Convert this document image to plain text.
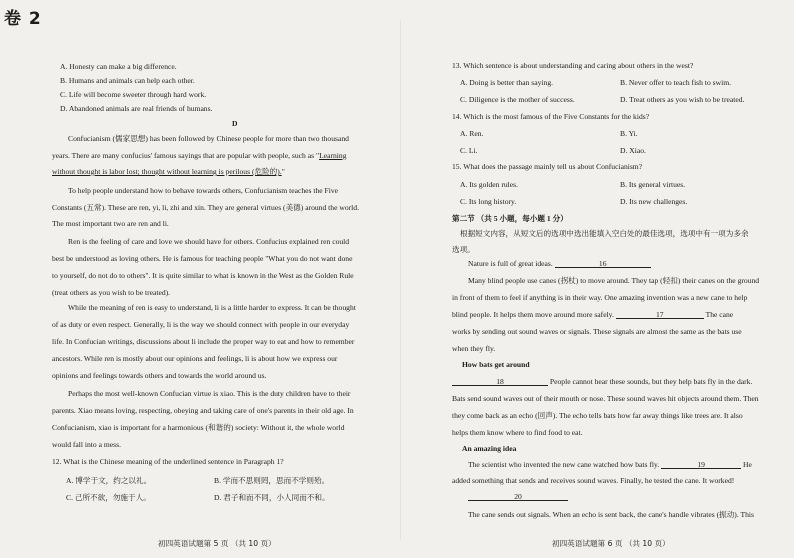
卷 2
A. Honesty can make a big difference.
B. Humans and animals can help each other.
C. Life will become sweeter through hard work.
D. Abandoned animals are real friends of humans.
D
Confucianism (儒家思想) has been followed by Chinese people for more than two thousand
years. There are many confucius' famous sayings that are popular with people, such as "Learning
without thought is labor lost; thought without learning is perilous (危险的)."
To help people understand how to behave towards others, Confucianism teaches the Five
Constants (五常). These are ren, yi, li, zhi and xin. They are general virtues (美德) around the world.
The most important two are ren and li.
Ren is the feeling of care and love we should have for others. Confucius explained ren could
best be understood as loving others. He is famous for teaching people "What you do not want done
to yourself, do not do to others". It is quite similar to what is known in the West as the Golden Rule
(treat others as you wish to be treated).
While the meaning of ren is easy to understand, li is a little harder to express. It can be thought
of as duty or even respect. Generally, li is the way we should connect with people in our everyday
life. In Confucian writings, discussions about li include the proper way to eat and how to remember
ancestors. While ren is mostly about our opinions and feelings, li is about how we express our
opinions and feelings towards others and towards the world around us.
Perhaps the most well-known Confucian virtue is xiao. This is the duty children have to their
parents. Xiao means loving, respecting, obeying and taking care of one's parents in their old age. In
Confucianism, xiao is important for a harmonious (和谐的) society: Without it, the whole world
would fall into a mess.
12. What is the Chinese meaning of the underlined sentence in Paragraph 1?
A. 博学于文，约之以礼。	B. 学而不思则罔，思而不学则殆。
C. 己所不欲，勿施于人。	D. 君子和而不同，小人同而不和。
初四英语试题第 5 页 （共 10 页）
13. Which sentence is about understanding and caring about others in the west?
A. Doing is better than saying.	B. Never offer to teach fish to swim.
C. Diligence is the mother of success.	D. Treat others as you wish to be treated.
14. Which is the most famous of the Five Constants for the kids?
A. Ren.	B. Yi.
C. Li.	D. Xiao.
15. What does the passage mainly tell us about Confucianism?
A. Its golden rules.	B. Its general virtues.
C. Its long history.	D. Its new challenges.
第二节 （共 5 小题，每小题 1 分）
根据短文内容，从短文后的选项中选出能填入空白处的最佳选项，选项中有一项为多余
选项。
Nature is full of great ideas.	16
Many blind people use canes (拐杖) to move around. They tap (轻扣) their canes on the ground
in front of them to feel if anything is in their way. One amazing invention was a new cane to help
blind people. It helps them move around more safely.	17	The cane
works by sending out sound waves or signals. These signals are almost the same as the bats use
when they fly.
How bats get around
18	People cannot hear these sounds, but they help bats fly in the dark.
Bats send sound waves out of their mouth or nose. These sound waves hit objects around them. Then
they come back as an echo (回声). The echo tells bats how far away things like trees are. It also
helps them know where to find food to eat.
An amazing idea
The scientist who invented the new cane watched how bats fly.	19	He
added something that sends and receives sound waves. Finally, he tested the cane. It worked!
20
The cane sends out signals. When an echo is sent back, the cane's handle vibrates (振动). This
初四英语试题第 6 页 （共 10 页）
